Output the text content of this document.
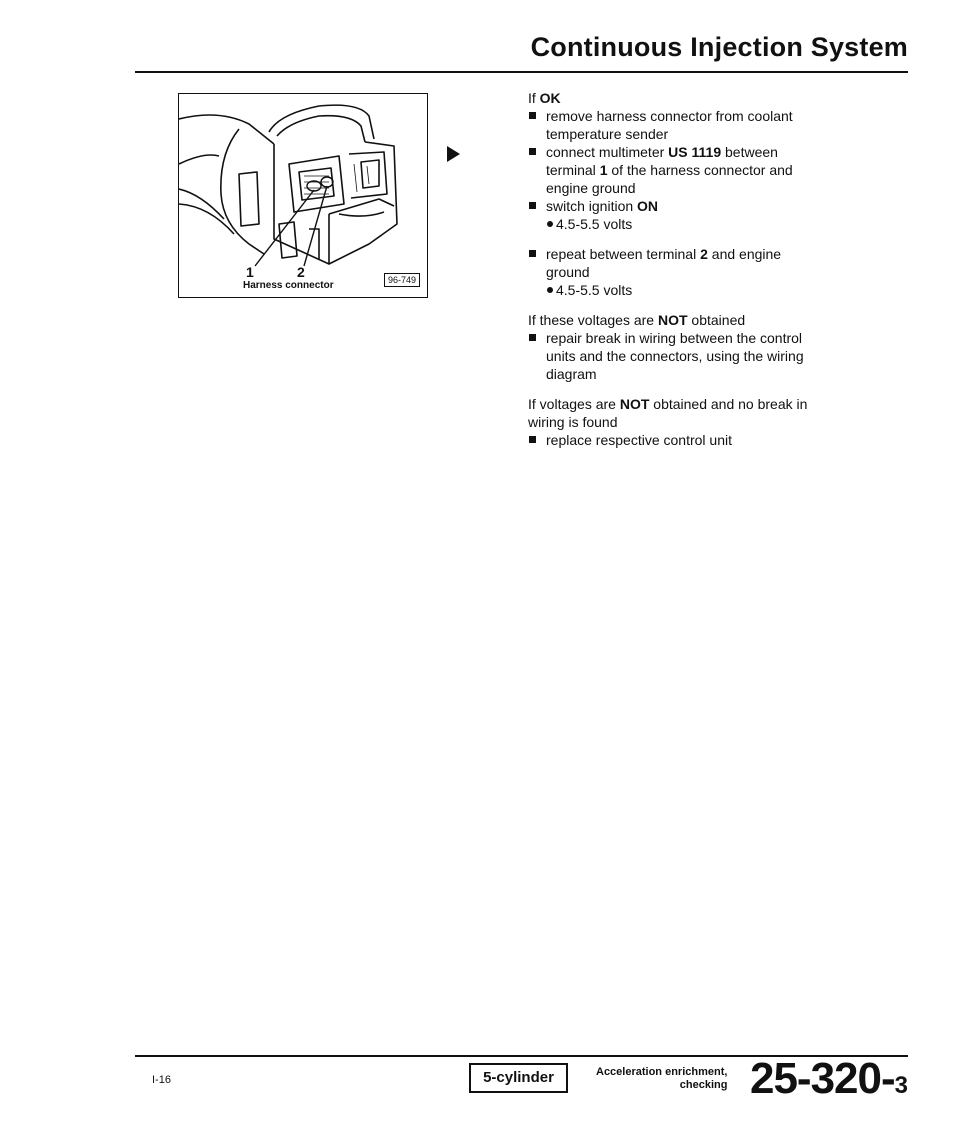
Continuous Injection System
1	2
Harness connector	96-749

If OK

remove harness connector from coolant
temperature sender

connect multimeter US 1119 between
terminal 1 of the harness connector and
engine ground

switch ignition ON

4.5-5.5 volts

repeat between terminal 2 and engine
ground

4.5-5.5 volts

If these voltages are NOT obtained

repair break in wiring between the control
units and the connectors, using the wiring
diagram

If voltages are NOT obtained and no break in
wiring is found

replace respective control unit

I-16	5-cylinder	Acceleration enrichment,
checking 25-320-3
